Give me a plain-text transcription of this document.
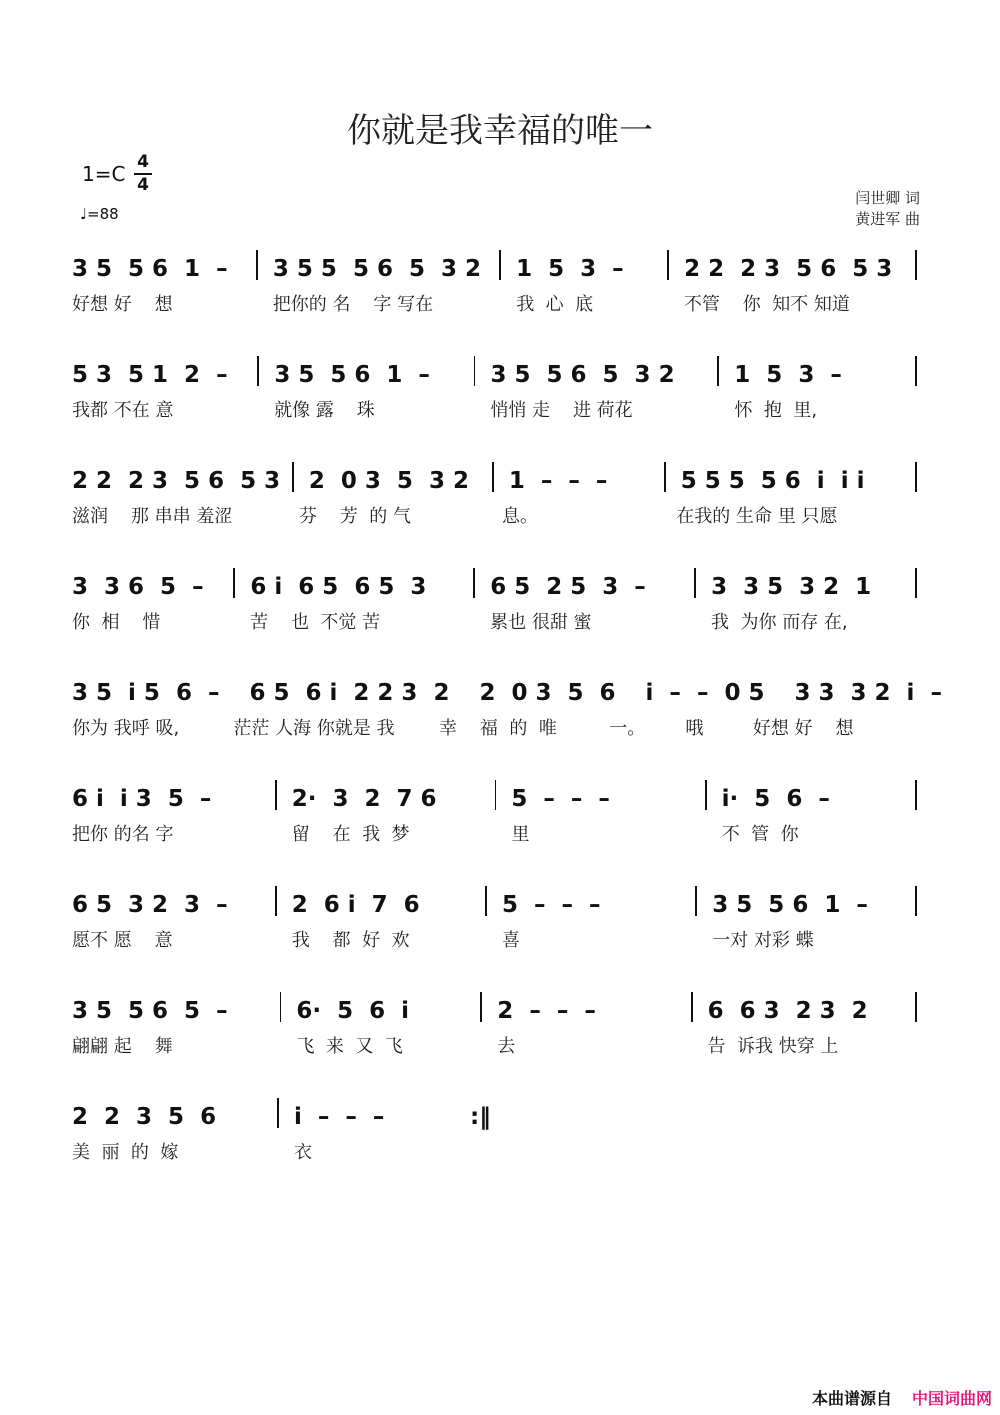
你就是我幸福的唯一
1=C 4
4
♩=88
闫世卿 词
黄进军 曲
3 5  5 6  1  –	3 5 5  5 6  5  3 2 1  5  3  –	2 2  2 3  5 6  5 3
好想 好    想	把你的 名    字 写在	我  心  底	不管    你  知不 知道
5 3  5 1  2  –	3 5  5 6  1  –	3 5  5 6  5  3 2	1  5  3  –
我都 不在 意	就像 露    珠	悄悄 走    进 荷花	怀  抱  里,
2 2  2 3  5 6  5 3 2  0 3  5  3 2	1  –  –  –	5 5 5  5 6  i  i i
滋润    那 串串 羞涩	芬    芳  的 气	息。	在我的 生命 里 只愿
3  3 6  5  –	6 i  6 5  6 5  3	6 5  2 5  3  –	3  3 5  3 2  1
你  相    惜	苦    也  不觉 苦	累也 很甜 蜜	我  为你 而存 在,
3 5  i 5  6  – 6 5  6 i  2 2 3  2 2  0 3  5  6 i  –  –  0 5 3 3  3 2  i  –
你为 我呼 吸,	茫茫 人海 你就是 我	幸    福  的  唯	一。       哦	好想 好    想
6 i  i 3  5  –	2·  3  2  7 6	5  –  –  –	i·  5  6  –
把你 的名 字	留    在  我  梦	里	不  管  你
6 5  3 2  3  –	2  6 i  7  6	5  –  –  –	3 5  5 6  1  –
愿不 愿    意	我    都  好  欢	喜	一对 对彩 蝶
3 5  5 6  5  –	6·  5  6  i	2  –  –  –	6  6 3  2 3  2
翩翩 起    舞	飞  来  又  飞	去	告  诉我 快穿 上
2  2  3  5  6	i  –  –  –	:‖
美  丽  的  嫁	衣
本曲谱源自 中国词曲网
